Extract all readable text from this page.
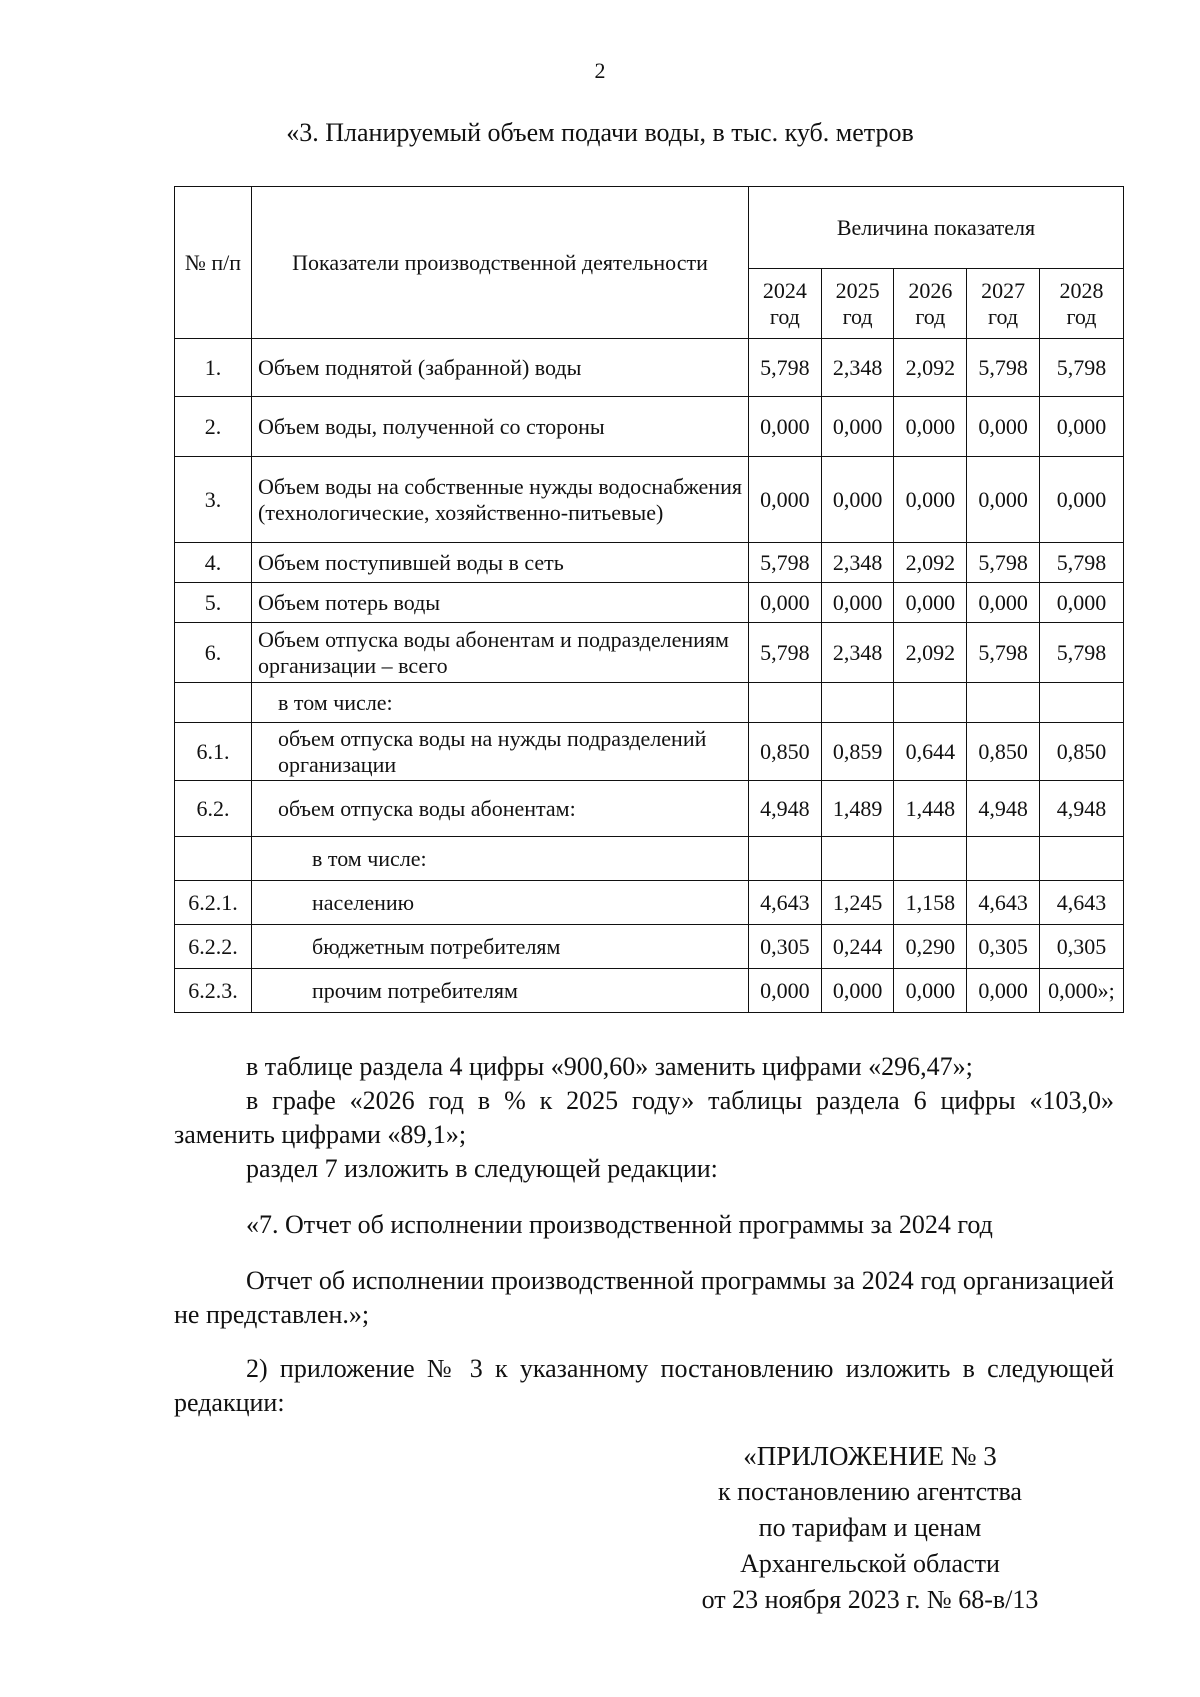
2
«3. Планируемый объем подачи воды, в тыс. куб. метров
№ п/п	Показатели производственной деятельности	Величина показателя				
		2024 год	2025 год	2026 год	2027 год	2028 год
1.	Объем поднятой (забранной) воды	5,798	2,348	2,092	5,798	5,798
2.	Объем воды, полученной со стороны	0,000	0,000	0,000	0,000	0,000
3.	Объем воды на собственные нужды водоснабжения (технологические, хозяйственно-питьевые)	0,000	0,000	0,000	0,000	0,000
4.	Объем поступившей воды в сеть	5,798	2,348	2,092	5,798	5,798
5.	Объем потерь воды	0,000	0,000	0,000	0,000	0,000
6.	Объем отпуска воды абонентам и подразделениям организации – всего	5,798	2,348	2,092	5,798	5,798
	в том числе:					
6.1.	объем отпуска воды на нужды подразделений организации	0,850	0,859	0,644	0,850	0,850
6.2.	объем отпуска воды абонентам:	4,948	1,489	1,448	4,948	4,948
	в том числе:					
6.2.1.	населению	4,643	1,245	1,158	4,643	4,643
6.2.2.	бюджетным потребителям	0,305	0,244	0,290	0,305	0,305
6.2.3.	прочим потребителям	0,000	0,000	0,000	0,000	0,000»;
в таблице раздела 4 цифры «900,60» заменить цифрами «296,47»;
в графе «2026 год в % к 2025 году» таблицы раздела 6 цифры «103,0» заменить цифрами «89,1»;
раздел 7 изложить в следующей редакции:
«7. Отчет об исполнении производственной программы за 2024 год
Отчет об исполнении производственной программы за 2024 год организацией не представлен.»;
2) приложение № 3 к указанному постановлению изложить в следующей редакции:
«ПРИЛОЖЕНИЕ № 3
к постановлению агентства
по тарифам и ценам
Архангельской области
от 23 ноября 2023 г. № 68-в/13
